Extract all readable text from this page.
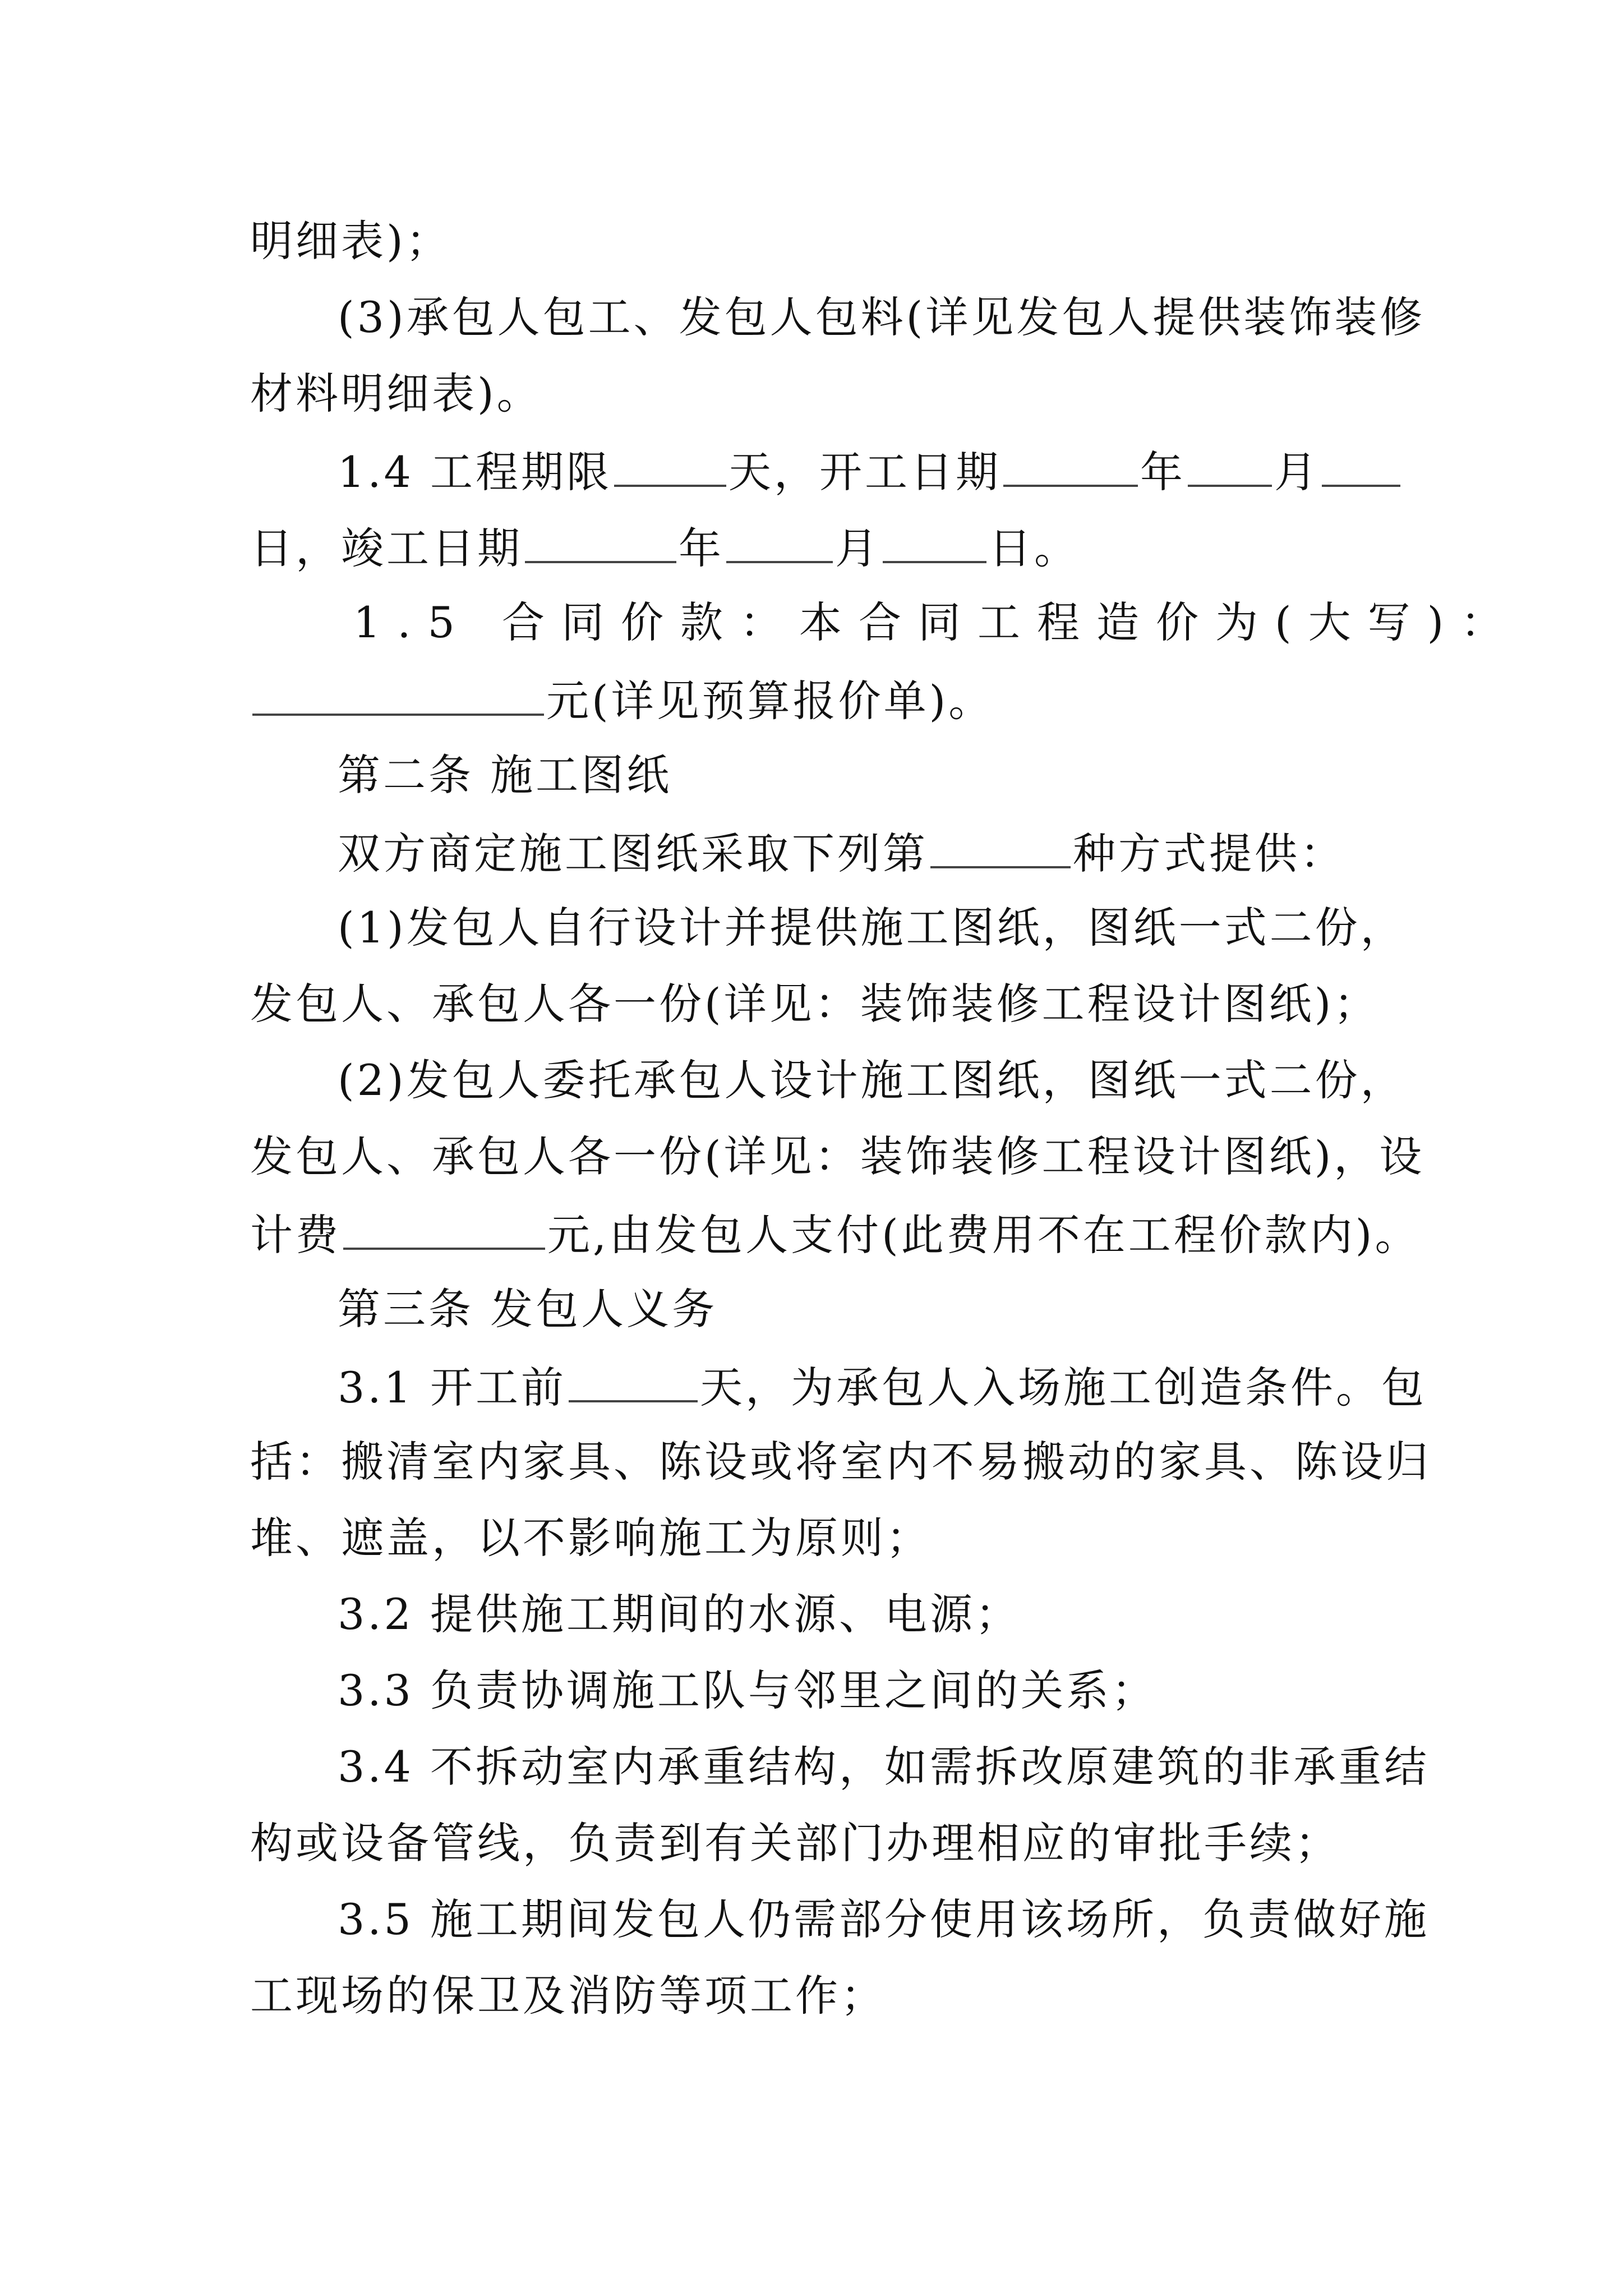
明细表)；
(3)承包人包工、发包人包料(详见发包人提供装饰装修
材料明细表)。
1.4 工程期限	天，开工日期	年 月
日，竣工日期	年	月	日。
1.5 合同价款：本合同工程造价为(大写)：
元(详见预算报价单)。
第二条 施工图纸
双方商定施工图纸采取下列第	种方式提供：
(1)发包人自行设计并提供施工图纸，图纸一式二份，
发包人、承包人各一份(详见：装饰装修工程设计图纸)；
(2)发包人委托承包人设计施工图纸，图纸一式二份，
发包人、承包人各一份(详见：装饰装修工程设计图纸)，设
计费	元,由发包人支付(此费用不在工程价款内)。
第三条 发包人义务
3.1 开工前	天，为承包人入场施工创造条件。包
括：搬清室内家具、陈设或将室内不易搬动的家具、陈设归
堆、遮盖，以不影响施工为原则；
3.2 提供施工期间的水源、电源；
3.3 负责协调施工队与邻里之间的关系；
3.4 不拆动室内承重结构，如需拆改原建筑的非承重结
构或设备管线，负责到有关部门办理相应的审批手续；
3.5 施工期间发包人仍需部分使用该场所，负责做好施
工现场的保卫及消防等项工作；
